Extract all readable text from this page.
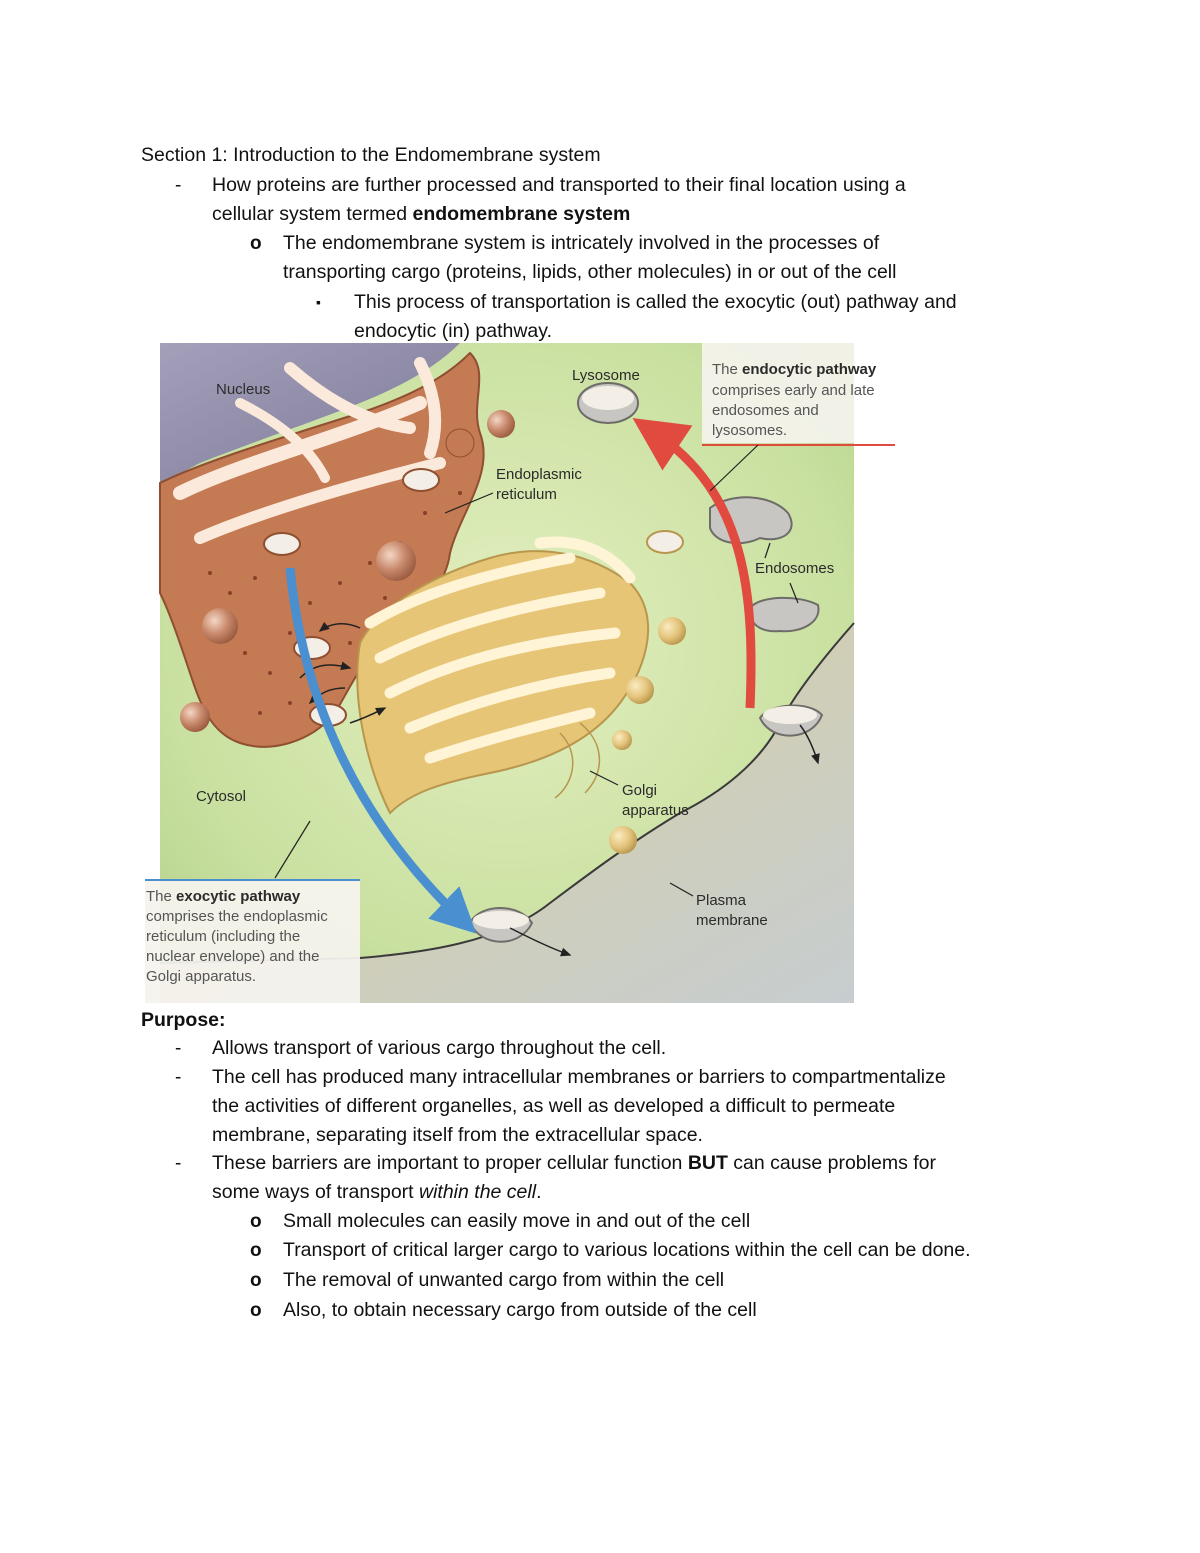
Section 1: Introduction to the Endomembrane system
- How proteins are further processed and transported to their final location using a
cellular system termed endomembrane system
o The endomembrane system is intricately involved in the processes of
transporting cargo (proteins, lipids, other molecules) in or out of the cell
▪ This process of transportation is called the exocytic (out) pathway and
endocytic (in) pathway.
The endocytic pathway
comprises early and late
endosomes and
lysosomes.
The exocytic pathway
comprises the endoplasmic
reticulum (including the
nuclear envelope) and the
Golgi apparatus.
Nucleus
Lysosome
Endoplasmic
reticulum
Endosomes
Cytosol	Golgi
apparatus
Plasma
membrane
Purpose:
- Allows transport of various cargo throughout the cell.
- The cell has produced many intracellular membranes or barriers to compartmentalize
the activities of different organelles, as well as developed a difficult to permeate
membrane, separating itself from the extracellular space.
- These barriers are important to proper cellular function BUT can cause problems for
some ways of transport within the cell.
o Small molecules can easily move in and out of the cell
o Transport of critical larger cargo to various locations within the cell can be done.
o The removal of unwanted cargo from within the cell
o Also, to obtain necessary cargo from outside of the cell
